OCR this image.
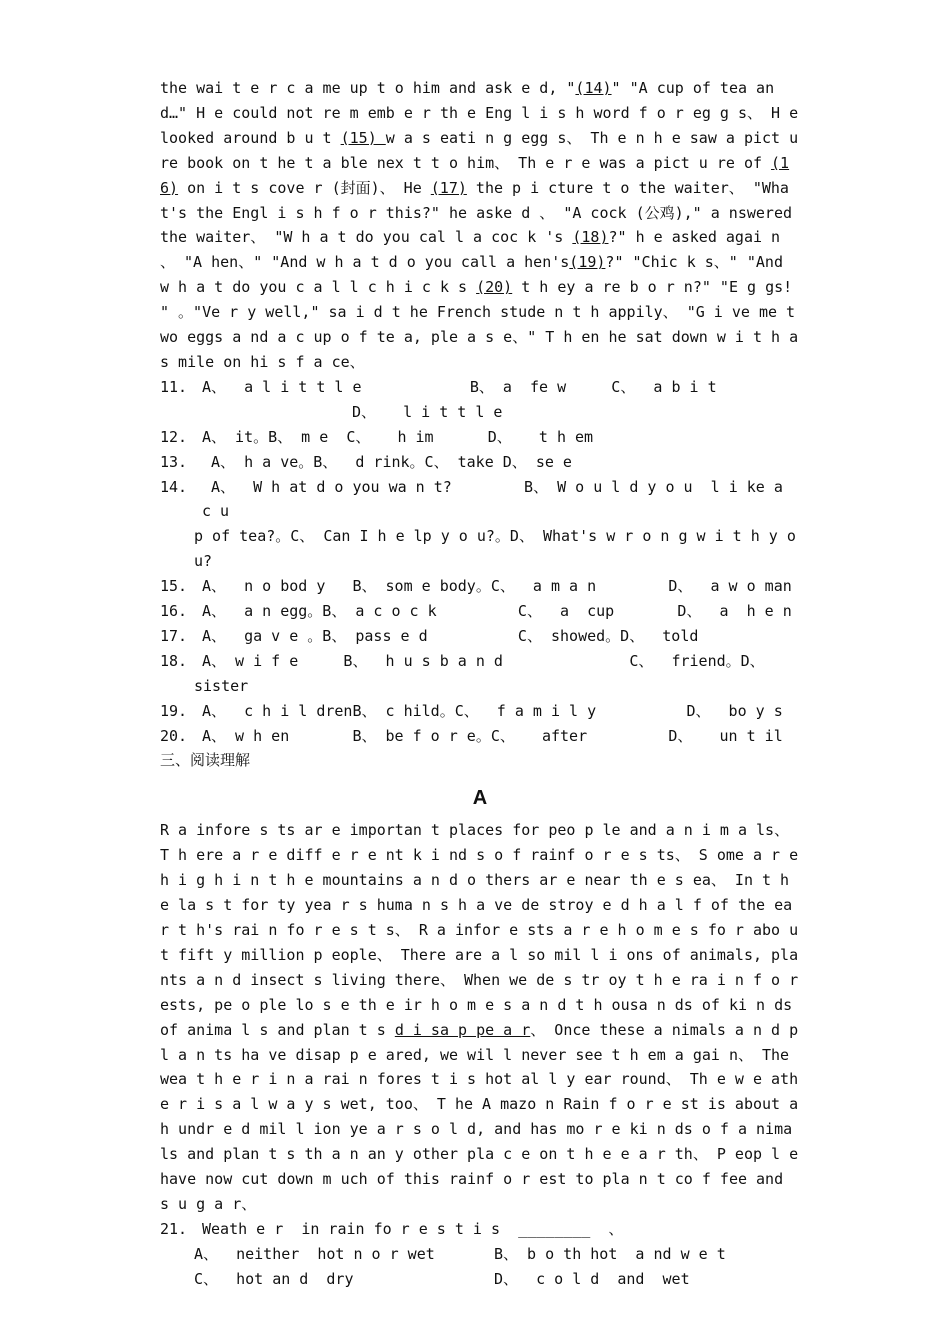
the wai t e r c a me up t o him and ask e d, "(14)" "A cup of tea and…" H e could not re m emb e r th e Eng l i s h word f o r eg g s、 H e looked around b u t (15) w a s eati n g egg s、 Th e n h e saw a pict u re book on t he t a ble nex t t o him、 Th e r e was a pict u re of (16) on i t s cove r (封面)、 He (17) the p i cture t o the waiter、 "What's the Engl i s h f o r this?" he aske d 、 "A cock (公鸡)," a nswered the waiter、 "W h a t do you cal l a coc k 's (18)?" h e asked agai n 、 "A hen、" "And w h a t d o you call a hen's(19)?" "Chic k s、" "And w h a t do you c a l l c h i c k s (20) t h ey a re b o r n?" "E g gs! " 。"Ve r y well," sa i d t he French stude n t h appily、 "G i ve me two eggs a nd a c up o f te a, ple a s e、" T h en he sat down w i t h a s mile on hi s f a ce、

11. A、  a l i t t l e            B、 a  fe w     C、  a b i t
D、   l i t t l e
12. A、 it。B、 m e  C、   h im      D、   t h em
13. A、 h a ve。B、  d rink。C、 take D、 se e
14. A、  W h at d o you wa n t?        B、 W o u l d y o u  l i ke a c u
p of tea?。C、 Can I h e lp y o u?。D、 What's w r o n g w i t h y ou?
15. A、  n o bod y   B、 som e body。C、  a m a n        D、  a w o man
16. A、  a n egg。B、 a c o c k         C、  a  cup       D、  a  h e n
17. A、  ga v e 。B、 pass e d          C、 showed。D、  told
18. A、 w i f e     B、  h u s b a n d              C、  friend。D、
sister
19. A、  c h i l drenB、 c hild。C、  f a m i l y          D、  bo y s
20. A、 w h en       B、 be f o r e。C、   after         D、   un t il
三、阅读理解
A

R a infore s ts ar e importan t places for peo p le and a n i m a ls、 T h ere a r e diff e r e nt k i nd s o f rainf o r e s ts、 S ome a r e h i g h i n t h e mountains a n d o thers ar e near th e s ea、 In t h e la s t for ty yea r s huma n s h a ve de stroy e d h a l f of the ear t h's rai n fo r e s t s、 R a infor e sts a r e h o m e s fo r abo u t fift y million p eople、 There are a l so mil l i ons of animals, plants a n d insect s living there、 When we de s tr oy t h e ra i n f o r ests, pe o ple lo s e th e ir h o m e s a n d t h ousa n ds of ki n ds of anima l s and plan t s d i sa p pe a r、 Once these a nimals a n d p l a n ts ha ve disap p e ared, we wil l never see t h em a gai n、 The wea t h e r i n a rai n fores t i s hot al l y ear round、 Th e w e ath e r i s a l w a y s wet, too、 T he A mazo n Rain f o r e st is about a h undr e d mil l ion ye a r s o l d, and has mo r e ki n ds o f a nimals and plan t s th a n an y other pla c e on t h e e a r th、 P eop l e have now cut down m uch of this rainf o r est to pla n t co f fee and s u g a r、

21. Weath e r  in rain fo r e s t i s  ________  、
A、  neither  hot n o r wet	B、 b o th hot  a nd w e t
C、  hot an d  dry	D、  c o l d  and  wet
